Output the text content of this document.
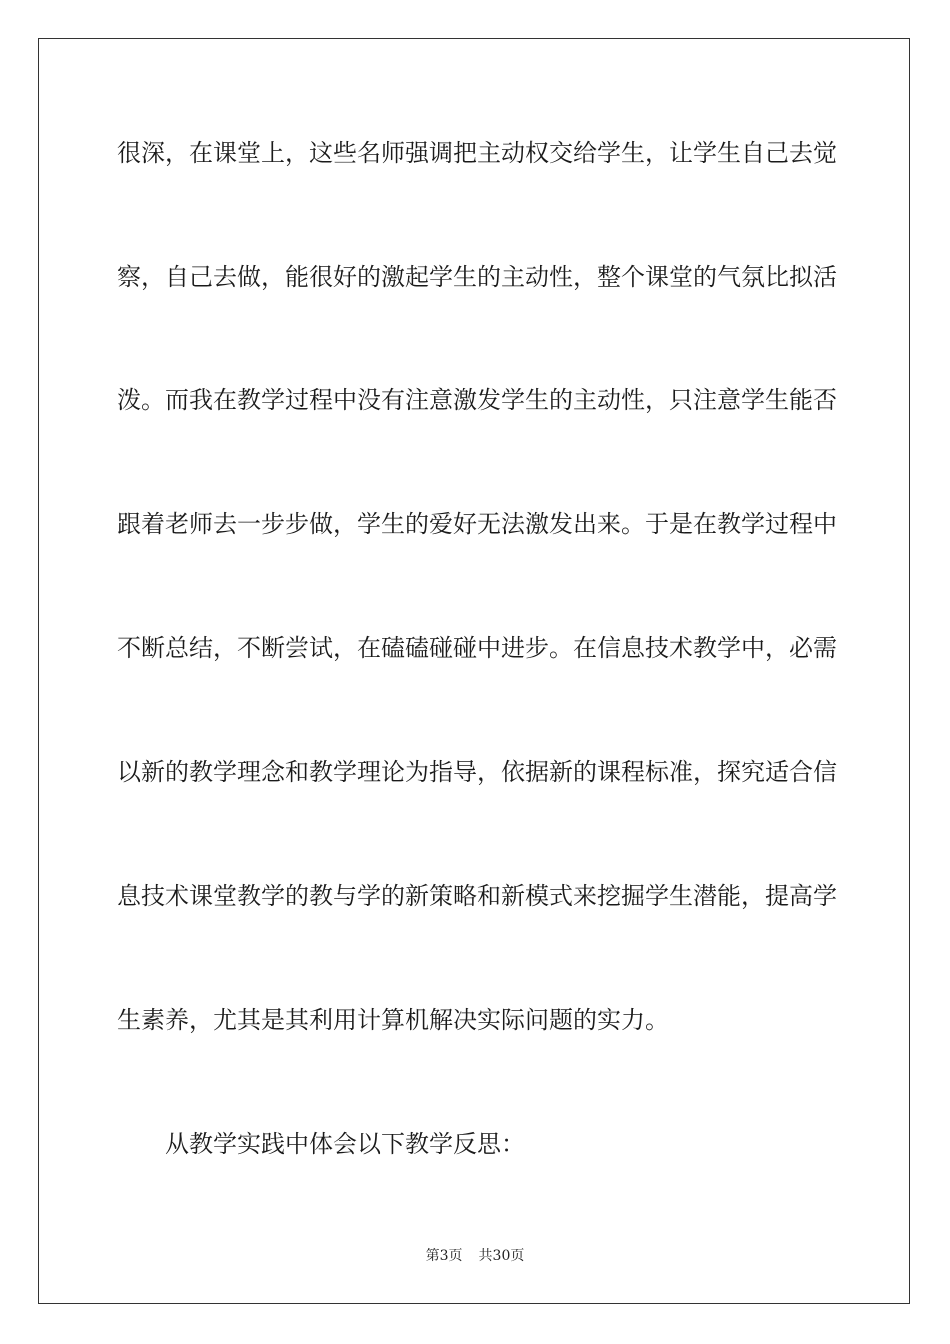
很深，在课堂上，这些名师强调把主动权交给学生，让学生自己去觉
察，自己去做，能很好的激起学生的主动性，整个课堂的气氛比拟活
泼。而我在教学过程中没有注意激发学生的主动性，只注意学生能否
跟着老师去一步步做，学生的爱好无法激发出来。于是在教学过程中
不断总结，不断尝试，在磕磕碰碰中进步。在信息技术教学中，必需
以新的教学理念和教学理论为指导，依据新的课程标准，探究适合信
息技术课堂教学的教与学的新策略和新模式来挖掘学生潜能，提高学
生素养，尤其是其利用计算机解决实际问题的实力。
从教学实践中体会以下教学反思：
第3页 共30页
